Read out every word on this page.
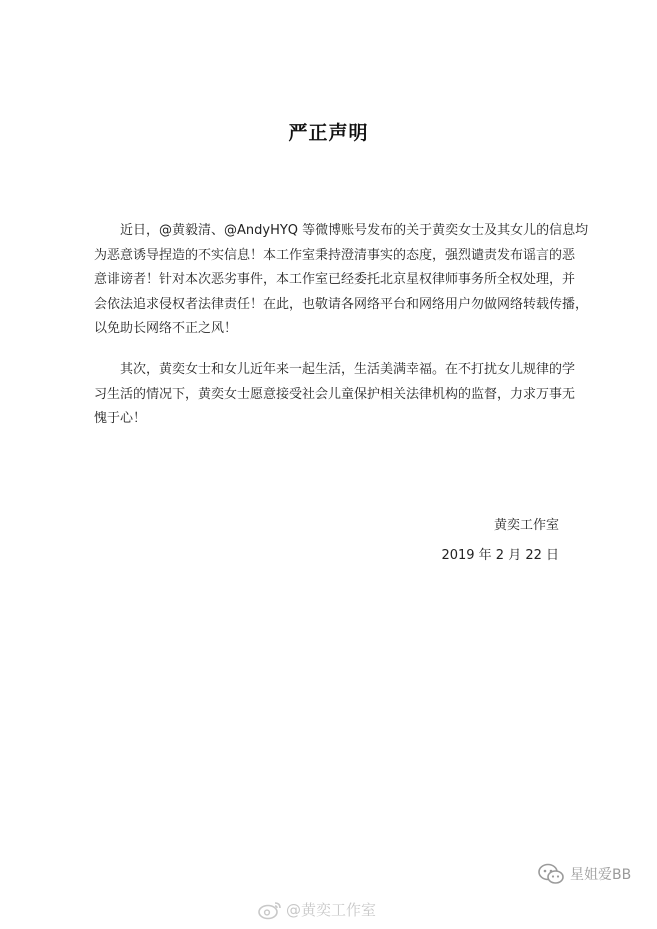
严正声明

近日，@黄毅清、@AndyHYQ 等微博账号发布的关于黄奕女士及其女儿的信息均
为恶意诱导捏造的不实信息！本工作室秉持澄清事实的态度，强烈谴责发布谣言的恶
意诽谤者！针对本次恶劣事件，本工作室已经委托北京星权律师事务所全权处理，并
会依法追求侵权者法律责任！在此，也敬请各网络平台和网络用户勿做网络转载传播，
以免助长网络不正之风！

其次，黄奕女士和女儿近年来一起生活，生活美满幸福。在不打扰女儿规律的学
习生活的情况下，黄奕女士愿意接受社会儿童保护相关法律机构的监督，力求万事无
愧于心！

黄奕工作室
2019 年 2 月 22 日
星姐爱BB
@黄奕工作室
